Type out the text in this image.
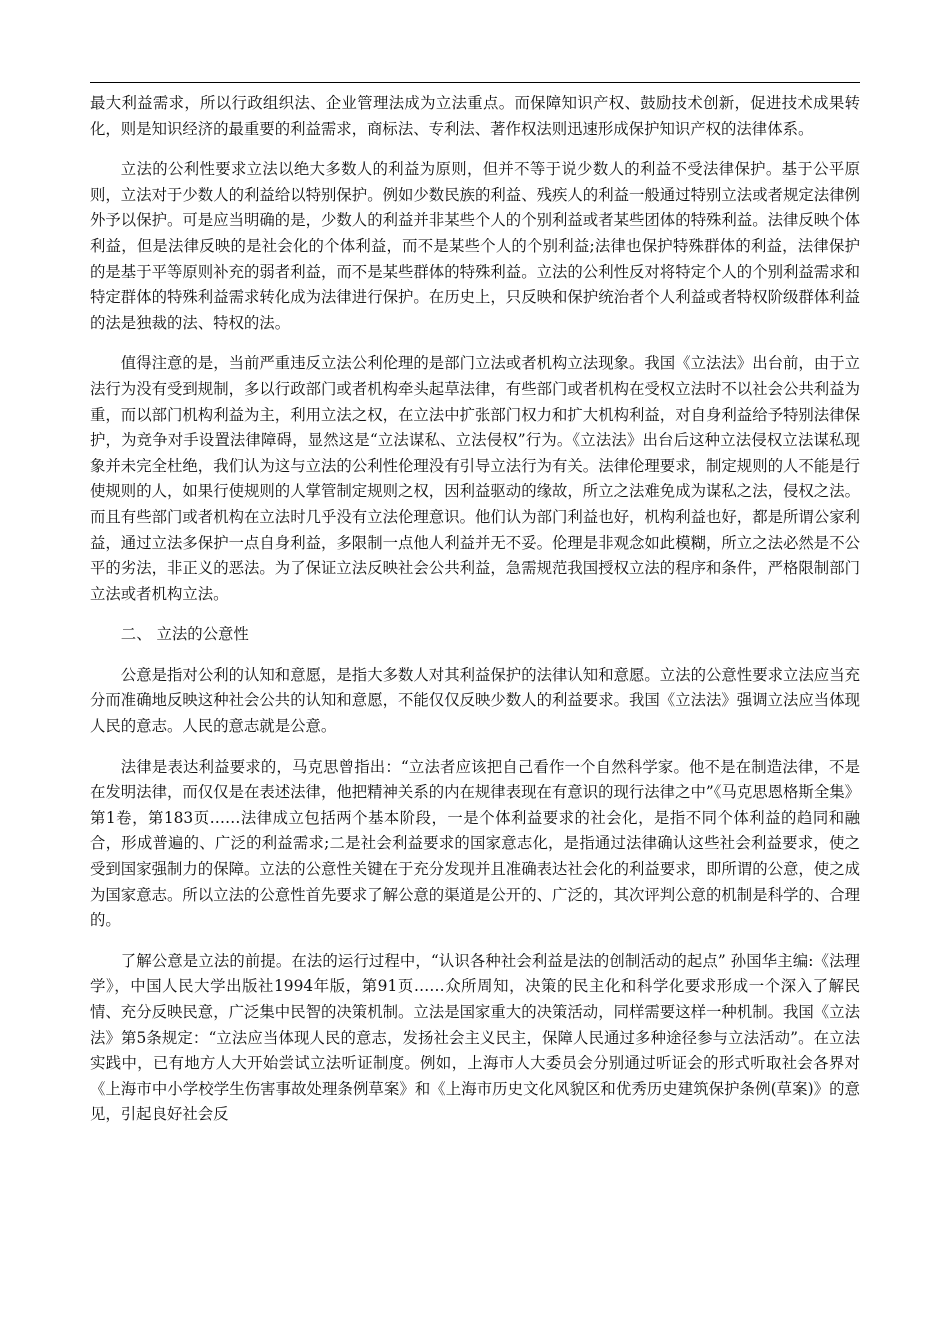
最大利益需求，所以行政组织法、企业管理法成为立法重点。而保障知识产权、鼓励技术创新，促进技术成果转化，则是知识经济的最重要的利益需求，商标法、专利法、著作权法则迅速形成保护知识产权的法律体系。

立法的公利性要求立法以绝大多数人的利益为原则，但并不等于说少数人的利益不受法律保护。基于公平原则，立法对于少数人的利益给以特别保护。例如少数民族的利益、残疾人的利益一般通过特别立法或者规定法律例外予以保护。可是应当明确的是，少数人的利益并非某些个人的个别利益或者某些团体的特殊利益。法律反映个体利益，但是法律反映的是社会化的个体利益，而不是某些个人的个别利益;法律也保护特殊群体的利益，法律保护的是基于平等原则补充的弱者利益，而不是某些群体的特殊利益。立法的公利性反对将特定个人的个别利益需求和特定群体的特殊利益需求转化成为法律进行保护。在历史上，只反映和保护统治者个人利益或者特权阶级群体利益的法是独裁的法、特权的法。

值得注意的是，当前严重违反立法公利伦理的是部门立法或者机构立法现象。我国《立法法》出台前，由于立法行为没有受到规制，多以行政部门或者机构牵头起草法律，有些部门或者机构在受权立法时不以社会公共利益为重，而以部门机构利益为主，利用立法之权，在立法中扩张部门权力和扩大机构利益，对自身利益给予特别法律保护，为竞争对手设置法律障碍，显然这是“立法谋私、立法侵权”行为。《立法法》出台后这种立法侵权立法谋私现象并未完全杜绝，我们认为这与立法的公利性伦理没有引导立法行为有关。法律伦理要求，制定规则的人不能是行使规则的人，如果行使规则的人掌管制定规则之权，因利益驱动的缘故，所立之法难免成为谋私之法，侵权之法。而且有些部门或者机构在立法时几乎没有立法伦理意识。他们认为部门利益也好，机构利益也好，都是所谓公家利益，通过立法多保护一点自身利益，多限制一点他人利益并无不妥。伦理是非观念如此模糊，所立之法必然是不公平的劣法，非正义的恶法。为了保证立法反映社会公共利益，急需规范我国授权立法的程序和条件，严格限制部门立法或者机构立法。

二、 立法的公意性

公意是指对公利的认知和意愿，是指大多数人对其利益保护的法律认知和意愿。立法的公意性要求立法应当充分而准确地反映这种社会公共的认知和意愿，不能仅仅反映少数人的利益要求。我国《立法法》强调立法应当体现人民的意志。人民的意志就是公意。

法律是表达利益要求的，马克思曾指出：“立法者应该把自己看作一个自然科学家。他不是在制造法律，不是在发明法律，而仅仅是在表述法律，他把精神关系的内在规律表现在有意识的现行法律之中”《马克思恩格斯全集》第1卷，第183页……法律成立包括两个基本阶段，一是个体利益要求的社会化，是指不同个体利益的趋同和融合，形成普遍的、广泛的利益需求;二是社会利益要求的国家意志化，是指通过法律确认这些社会利益要求，使之受到国家强制力的保障。立法的公意性关键在于充分发现并且准确表达社会化的利益要求，即所谓的公意，使之成为国家意志。所以立法的公意性首先要求了解公意的渠道是公开的、广泛的，其次评判公意的机制是科学的、合理的。

了解公意是立法的前提。在法的运行过程中，“认识各种社会利益是法的创制活动的起点” 孙国华主编:《法理学》，中国人民大学出版社1994年版，第91页……众所周知，决策的民主化和科学化要求形成一个深入了解民情、充分反映民意，广泛集中民智的决策机制。立法是国家重大的决策活动，同样需要这样一种机制。我国《立法法》第5条规定：“立法应当体现人民的意志，发扬社会主义民主，保障人民通过多种途径参与立法活动”。在立法实践中，已有地方人大开始尝试立法听证制度。例如，上海市人大委员会分别通过听证会的形式听取社会各界对《上海市中小学校学生伤害事故处理条例草案》和《上海市历史文化风貌区和优秀历史建筑保护条例(草案)》的意见，引起良好社会反
